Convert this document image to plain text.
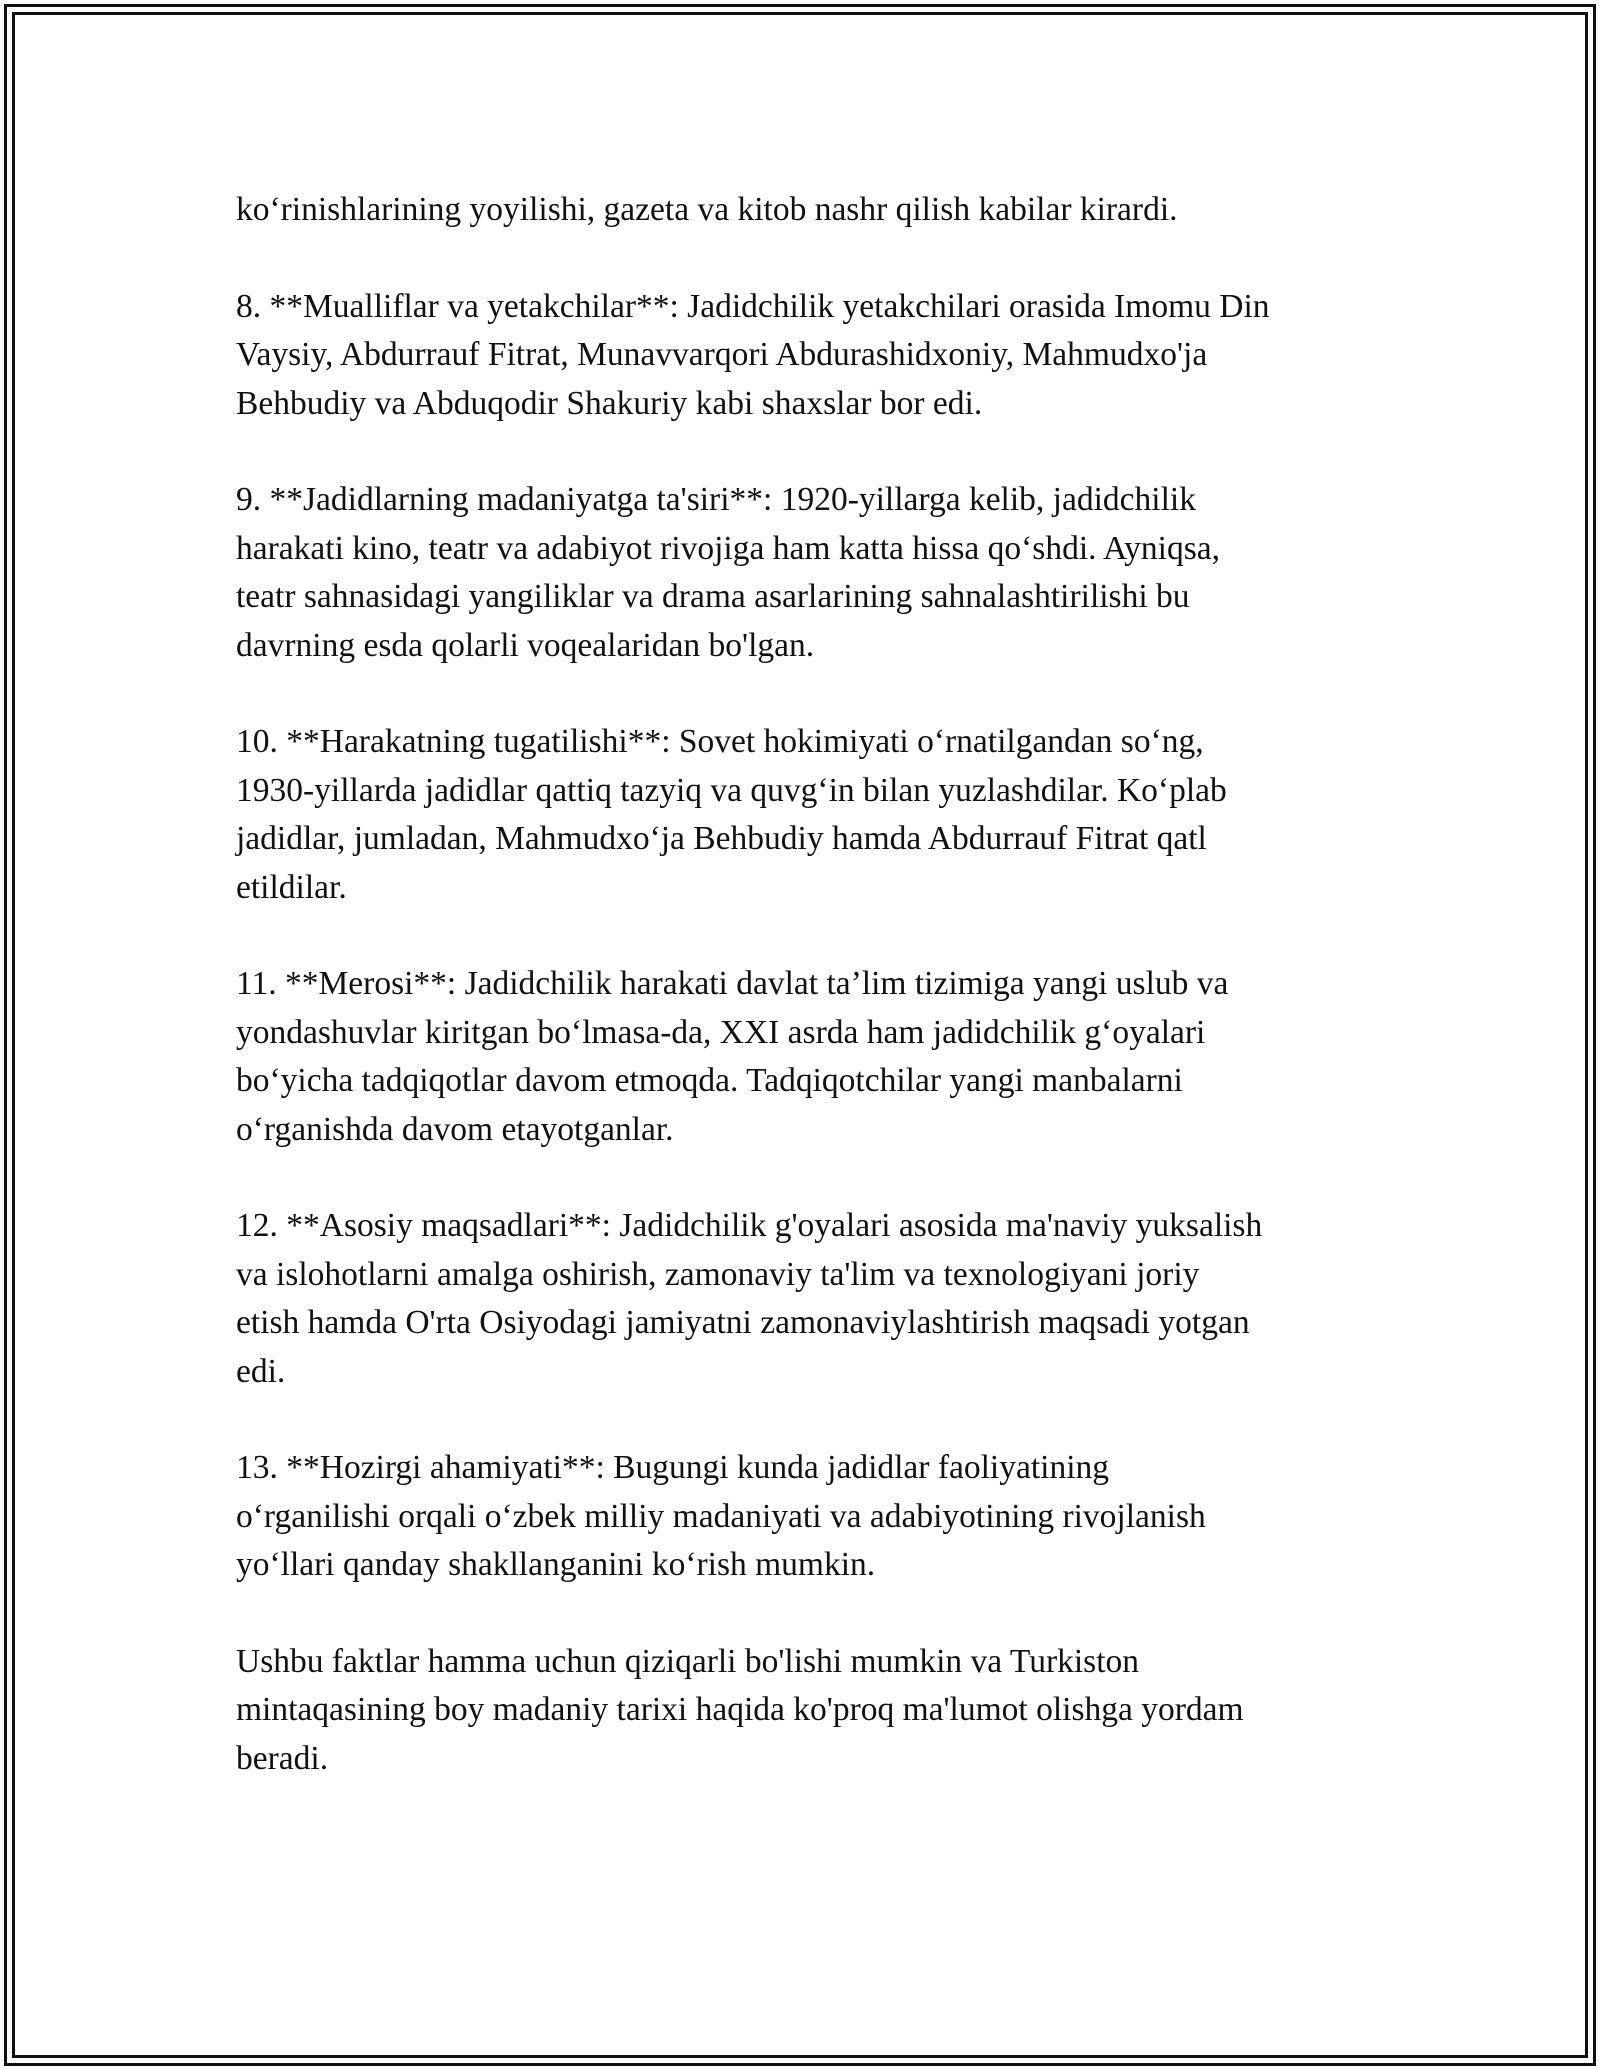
ko‘rinishlarining yoyilishi, gazeta va kitob nashr qilish kabilar kirardi.
8. **Mualliflar va yetakchilar**: Jadidchilik yetakchilari orasida Imomu Din
Vaysiy, Abdurrauf Fitrat, Munavvarqori Abdurashidxoniy, Mahmudxo'ja
Behbudiy va Abduqodir Shakuriy kabi shaxslar bor edi.
9. **Jadidlarning madaniyatga ta'siri**: 1920-yillarga kelib, jadidchilik
harakati kino, teatr va adabiyot rivojiga ham katta hissa qo‘shdi. Ayniqsa,
teatr sahnasidagi yangiliklar va drama asarlarining sahnalashtirilishi bu
davrning esda qolarli voqealaridan bo'lgan.
10. **Harakatning tugatilishi**: Sovet hokimiyati o‘rnatilgandan so‘ng,
1930-yillarda jadidlar qattiq tazyiq va quvg‘in bilan yuzlashdilar. Ko‘plab
jadidlar, jumladan, Mahmudxo‘ja Behbudiy hamda Abdurrauf Fitrat qatl
etildilar.
11. **Merosi**: Jadidchilik harakati davlat ta’lim tizimiga yangi uslub va
yondashuvlar kiritgan bo‘lmasa-da, XXI asrda ham jadidchilik g‘oyalari
bo‘yicha tadqiqotlar davom etmoqda. Tadqiqotchilar yangi manbalarni
o‘rganishda davom etayotganlar.
12. **Asosiy maqsadlari**: Jadidchilik g'oyalari asosida ma'naviy yuksalish
va islohotlarni amalga oshirish, zamonaviy ta'lim va texnologiyani joriy
etish hamda O'rta Osiyodagi jamiyatni zamonaviylashtirish maqsadi yotgan
edi.
13. **Hozirgi ahamiyati**: Bugungi kunda jadidlar faoliyatining
o‘rganilishi orqali o‘zbek milliy madaniyati va adabiyotining rivojlanish
yo‘llari qanday shakllanganini ko‘rish mumkin.
Ushbu faktlar hamma uchun qiziqarli bo'lishi mumkin va Turkiston
mintaqasining boy madaniy tarixi haqida ko'proq ma'lumot olishga yordam
beradi.
